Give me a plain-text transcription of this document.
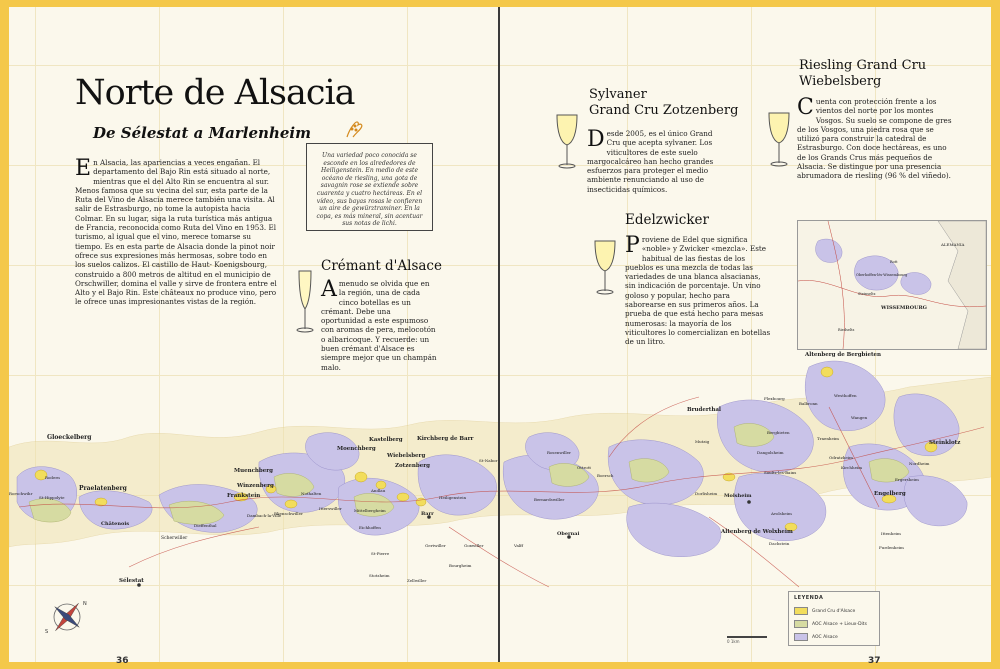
Sélestat
Obernai
Molsheim
Barr
Scherwiller
Châtenois
Dambach-la-Ville
Blienschwiller
Nothalten
Itterswiller
Andlau
Mittelbergheim
Eichhoffen
Heiligenstein	Bernardswiller
Rosenwiller
Ottrott
Boersch
Mutzig
Dorlisheim
Avolsheim
Dachstein
Soultz-les-Bains
Dangolsheim
Bergbieten
Traenheim
Balbronn
Westhoffen
Wangen
Odratzheim
Kirchheim
Nordheim
Flexbourg
Ergersheim
Rodern
Rorschwihr
St-Hippolyte
St-Pierre
Stotzheim
Zellwiller
Gertwiller	Goxwiller	Valff
Bourgheim
St-Nabor
Dieffenthal
Ittenheim
Furdenheim
Gloeckelberg
Praelatenberg
Muenchberg
Winzenberg
Frankstein
Moenchberg
Kastelberg	Kirchberg de Barr
Wiebelsberg
Zotzenberg
Bruderthal
Altenberg de Wolxheim
Engelberg
Steinklotz
Altenberg de Bergbieten
Norte de Alsacia
De Sélestat a Marlenheim
En Alsacia, las apariencias a veces engañan. El departamento del Bajo Rin está situado al norte, mientras que el del Alto Rin se encuentra al sur. Menos famosa que su vecina del sur, esta parte de la Ruta del Vino de Alsacia merece también una visita. Al salir de Estrasburgo, no tome la autopista hacia Colmar. En su lugar, siga la ruta turística más antigua de Francia, reconocida como Ruta del Vino en 1953. El turismo, al igual que el vino, merece tomarse su tiempo. Es en esta parte de Alsacia donde la pinot noir ofrece sus expresiones más hermosas, sobre todo en los suelos calizos. El castillo de Haut- Koenigsbourg, construido a 800 metros de altitud en el municipio de Orschwiller, domina el valle y sirve de frontera entre el Alto y el Bajo Rin. Este châteaux no produce vino, pero le ofrece unas impresionantes vistas de la región.
Una variedad poco conocida se esconde en los alrededores de Heiligenstein. En medio de este océano de riesling, una gota de savagnin rose se extiende sobre cuarenta y cuatro hectáreas. En el vídeo, sus bayas rosas le confieren un aire de gewürztraminer. En la copa, es más mineral, sin acentuar sus notas de lichi.
Crémant d'Alsace
A menudo se olvida que en la región, una de cada cinco botellas es un crémant. Debe una oportunidad a este espumoso con aromas de pera, melocotón o albaricoque. Y recuerde: un buen crémant d'Alsace es siempre mejor que un champán malo.
Sylvaner
Grand Cru Zotzenberg
Desde 2005, es el único Grand Cru que acepta sylvaner. Los viticultores de este suelo margocalcáreo han hecho grandes esfuerzos para proteger el medio ambiente renunciando al uso de insecticidas químicos.
Riesling Grand Cru
Wiebelsberg
Cuenta con protección frente a los vientos del norte por los montes Vosgos. Su suelo se compone de gres de los Vosgos, una piedra rosa que se utilizó para construir la catedral de Estrasburgo. Con doce hectáreas, es uno de los Grands Crus más pequeños de Alsacia. Se distingue por una presencia abrumadora de riesling (96 % del viñedo).
Edelzwicker
Proviene de Edel que significa «noble» y Zwicker «mezcla». Este habitual de las fiestas de los pueblos es una mezcla de todas las variedades de una blanca alsacianas, sin indicación de porcentaje. Un vino goloso y popular, hecho para saborearse en sus primeros años. La prueba de que está hecho para mesas numerosas: la mayoría de los viticultores lo comercializan en botellas de un litro.
ALEMANIA
WISSEMBOURG
Rott
Oberhoffen-lès-Wissembourg
Steinseltz
Riedseltz
LEYENDA
Grand Cru d'Alsace
AOC Alsace + Lieux-Dits
AOC Alsace
0 1km
S
N
36	37
